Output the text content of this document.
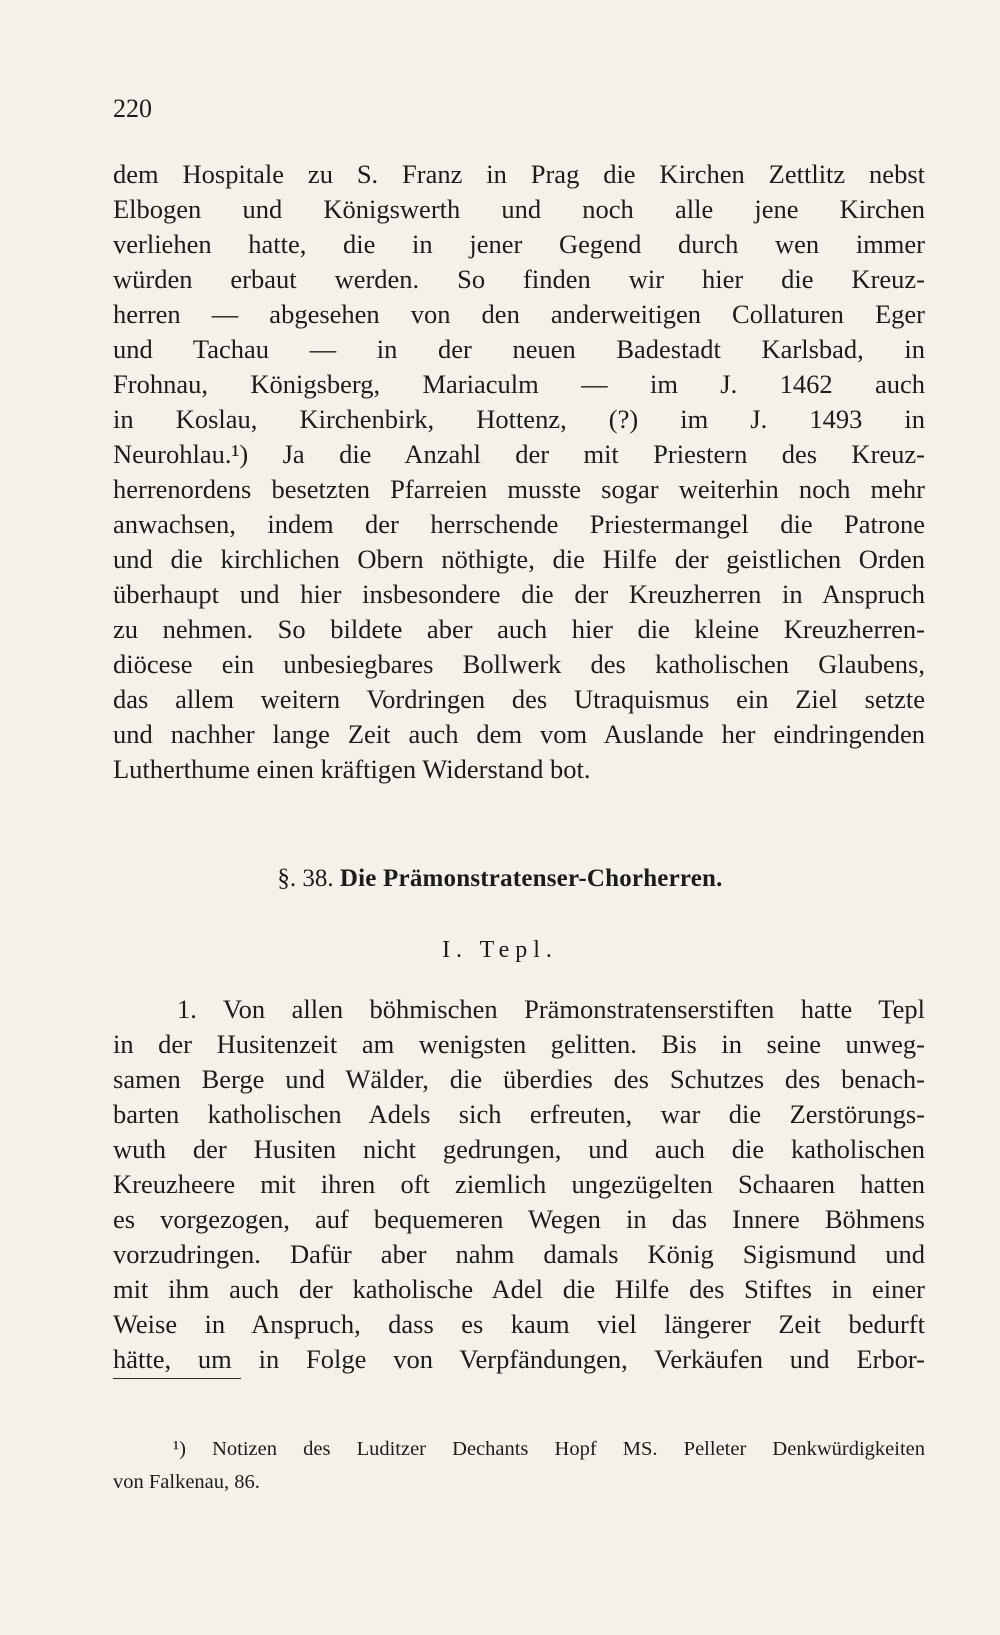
220
dem Hospitale zu S. Franz in Prag die Kirchen Zettlitz nebst
Elbogen und Königswerth und noch alle jene Kirchen
verliehen hatte, die in jener Gegend durch wen immer
würden erbaut werden. So finden wir hier die Kreuz-
herren — abgesehen von den anderweitigen Collaturen Eger
und Tachau — in der neuen Badestadt Karlsbad, in
Frohnau, Königsberg, Mariaculm — im J. 1462 auch
in Koslau, Kirchenbirk, Hottenz, (?) im J. 1493 in
Neurohlau.¹) Ja die Anzahl der mit Priestern des Kreuz-
herrenordens besetzten Pfarreien musste sogar weiterhin noch mehr
anwachsen, indem der herrschende Priestermangel die Patrone
und die kirchlichen Obern nöthigte, die Hilfe der geistlichen Orden
überhaupt und hier insbesondere die der Kreuzherren in Anspruch
zu nehmen. So bildete aber auch hier die kleine Kreuzherren-
diöcese ein unbesiegbares Bollwerk des katholischen Glaubens,
das allem weitern Vordringen des Utraquismus ein Ziel setzte
und nachher lange Zeit auch dem vom Auslande her eindringenden
Lutherthume einen kräftigen Widerstand bot.
§. 38. Die Prämonstratenser-Chorherren.
I. Tepl.
1. Von allen böhmischen Prämonstratenserstiften hatte Tepl
in der Husitenzeit am wenigsten gelitten. Bis in seine unweg-
samen Berge und Wälder, die überdies des Schutzes des benach-
barten katholischen Adels sich erfreuten, war die Zerstörungs-
wuth der Husiten nicht gedrungen, und auch die katholischen
Kreuzheere mit ihren oft ziemlich ungezügelten Schaaren hatten
es vorgezogen, auf bequemeren Wegen in das Innere Böhmens
vorzudringen. Dafür aber nahm damals König Sigismund und
mit ihm auch der katholische Adel die Hilfe des Stiftes in einer
Weise in Anspruch, dass es kaum viel längerer Zeit bedurft
hätte, um in Folge von Verpfändungen, Verkäufen und Erbor-
¹) Notizen des Luditzer Dechants Hopf MS. Pelleter Denkwürdigkeiten
von Falkenau, 86.
